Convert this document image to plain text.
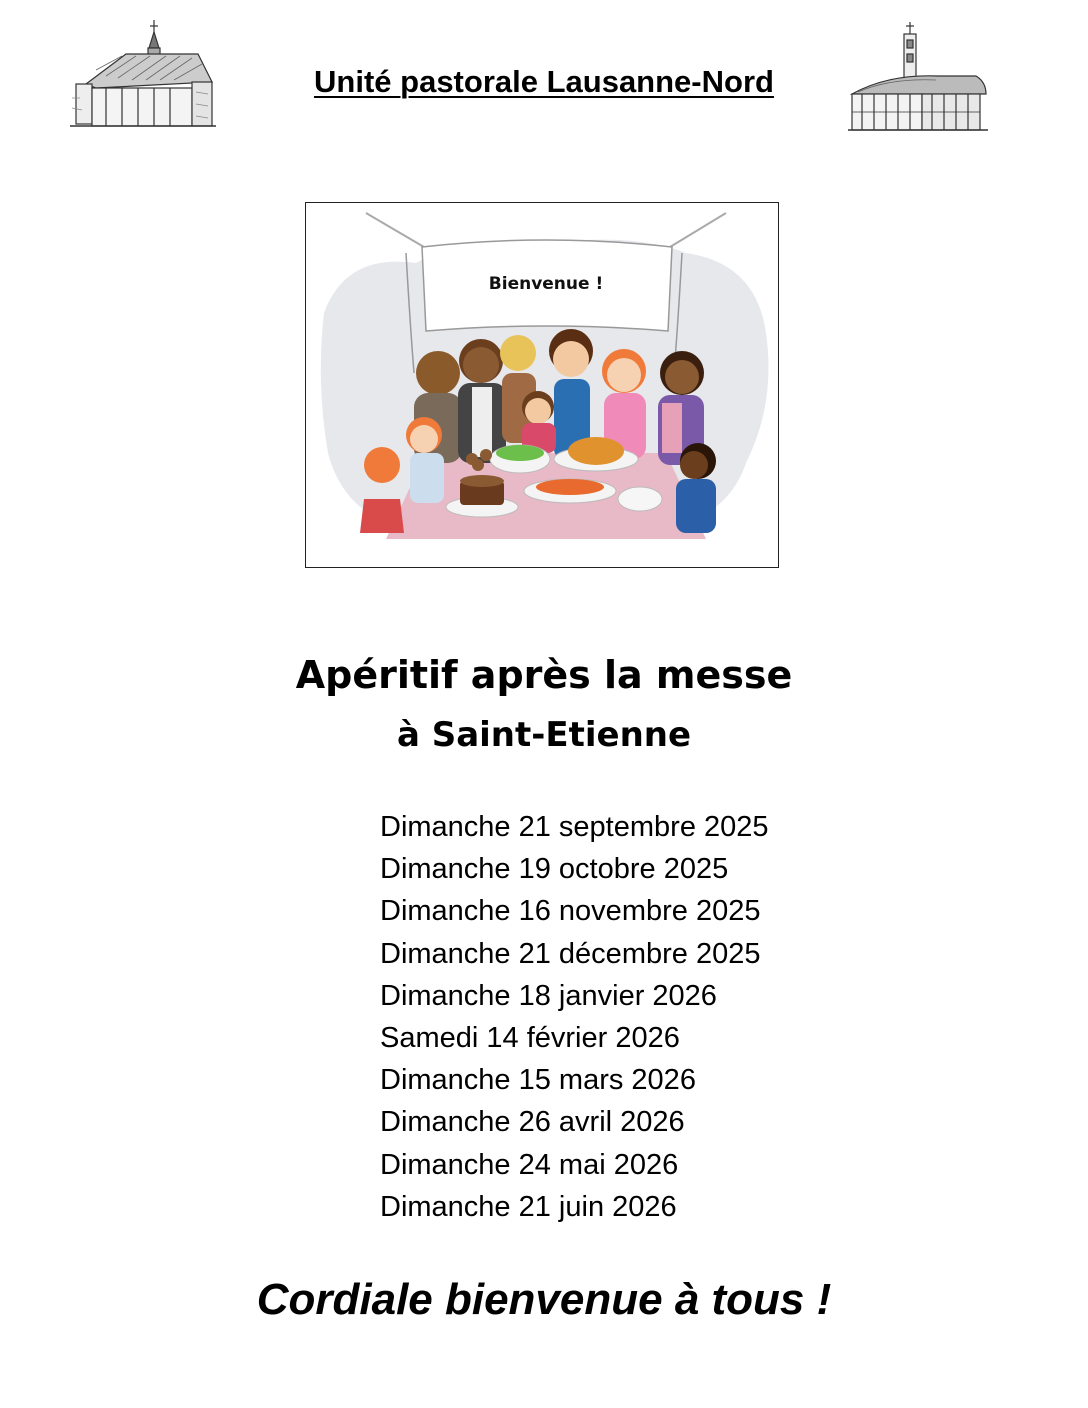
Unité pastorale Lausanne-Nord
Bienvenue !
Apéritif après la messe
à Saint-Etienne
Dimanche 21 septembre 2025
Dimanche 19 octobre 2025
Dimanche 16 novembre 2025
Dimanche 21 décembre 2025
Dimanche 18 janvier 2026
Samedi 14 février 2026
Dimanche 15 mars 2026
Dimanche 26 avril 2026
Dimanche 24 mai 2026
Dimanche 21 juin 2026
Cordiale bienvenue à tous !
